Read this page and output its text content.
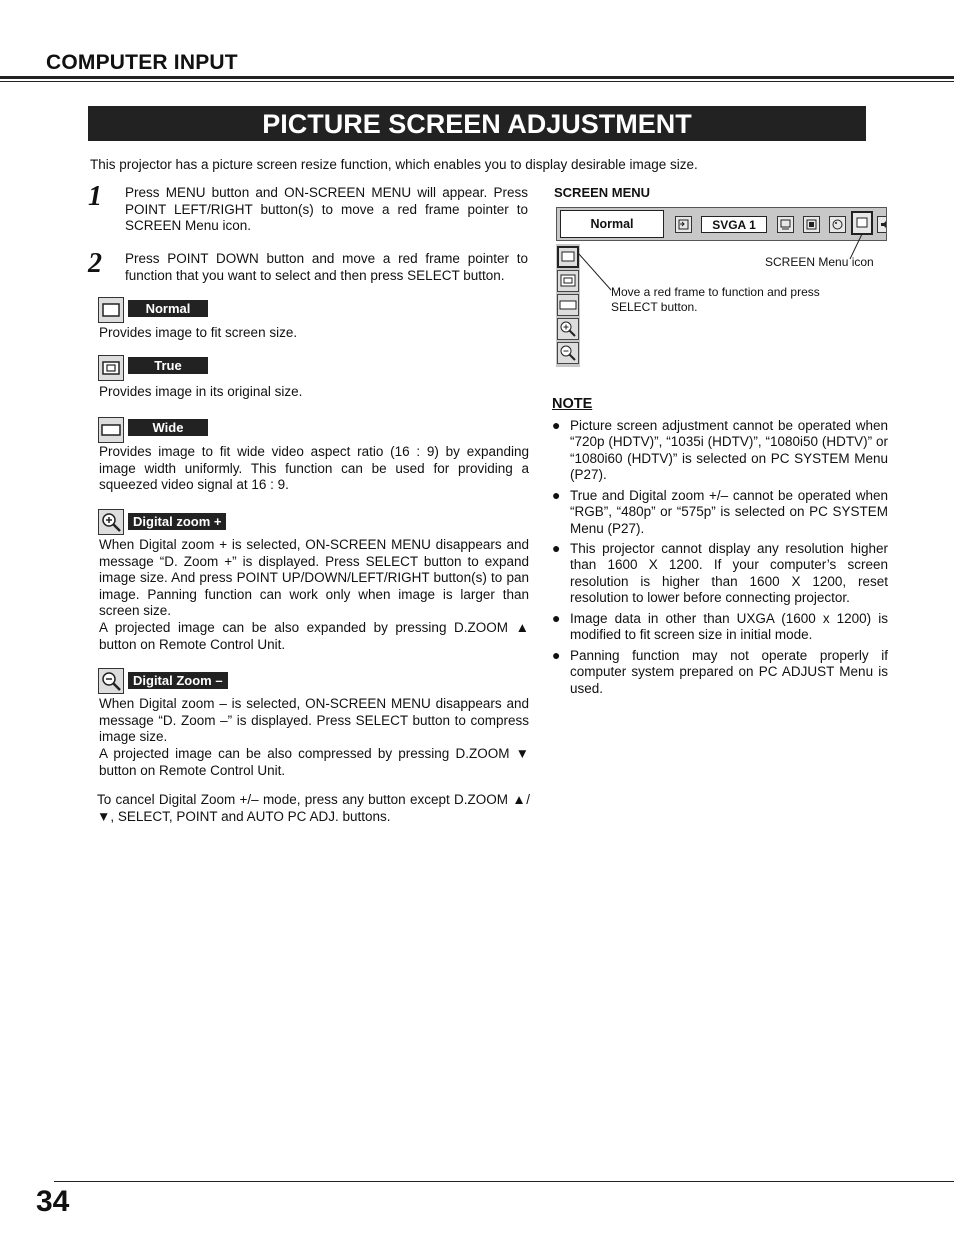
COMPUTER INPUT
PICTURE SCREEN ADJUSTMENT
This projector has a picture screen resize function, which enables you to display desirable image size.
1 Press MENU button and ON-SCREEN MENU will appear. Press POINT LEFT/RIGHT button(s) to move a red frame pointer to SCREEN Menu icon.
2 Press POINT DOWN button and move a red frame pointer to function that you want to select and then press SELECT button.
Normal
Provides image to fit screen size.
True
Provides image in its original size.
Wide
Provides image to fit wide video aspect ratio (16 : 9) by expanding image width uniformly. This function can be used for providing a squeezed video signal at 16 : 9.
Digital zoom +
When Digital zoom + is selected, ON-SCREEN MENU disappears and message “D. Zoom +” is displayed. Press SELECT button to expand image size. And press POINT UP/DOWN/LEFT/RIGHT button(s) to pan image. Panning function can work only when image is larger than screen size.
A projected image can be also expanded by pressing D.ZOOM ▲ button on Remote Control Unit.
Digital Zoom –
When Digital zoom – is selected, ON-SCREEN MENU disappears and message “D. Zoom –” is displayed. Press SELECT button to compress image size.
A projected image can be also compressed by pressing D.ZOOM ▼ button on Remote Control Unit.
To cancel Digital Zoom +/– mode, press any button except D.ZOOM ▲/▼, SELECT, POINT and AUTO PC ADJ. buttons.
SCREEN MENU
Normal	SVGA 1
SCREEN Menu icon
Move a red frame to function and press SELECT button.
NOTE
● Picture screen adjustment cannot be operated when “720p (HDTV)”, “1035i (HDTV)”, “1080i50 (HDTV)” or “1080i60 (HDTV)” is selected on PC SYSTEM Menu (P27).
● True and Digital zoom +/– cannot be operated when “RGB”, “480p” or “575p” is selected on PC SYSTEM Menu (P27).
● This projector cannot display any resolution higher than 1600 X 1200. If your computer’s screen resolution is higher than 1600 X 1200, reset resolution to lower before connecting projector.
● Image data in other than UXGA (1600 x 1200) is modified to fit screen size in initial mode.
● Panning function may not operate properly if computer system prepared on PC ADJUST Menu is used.
34
